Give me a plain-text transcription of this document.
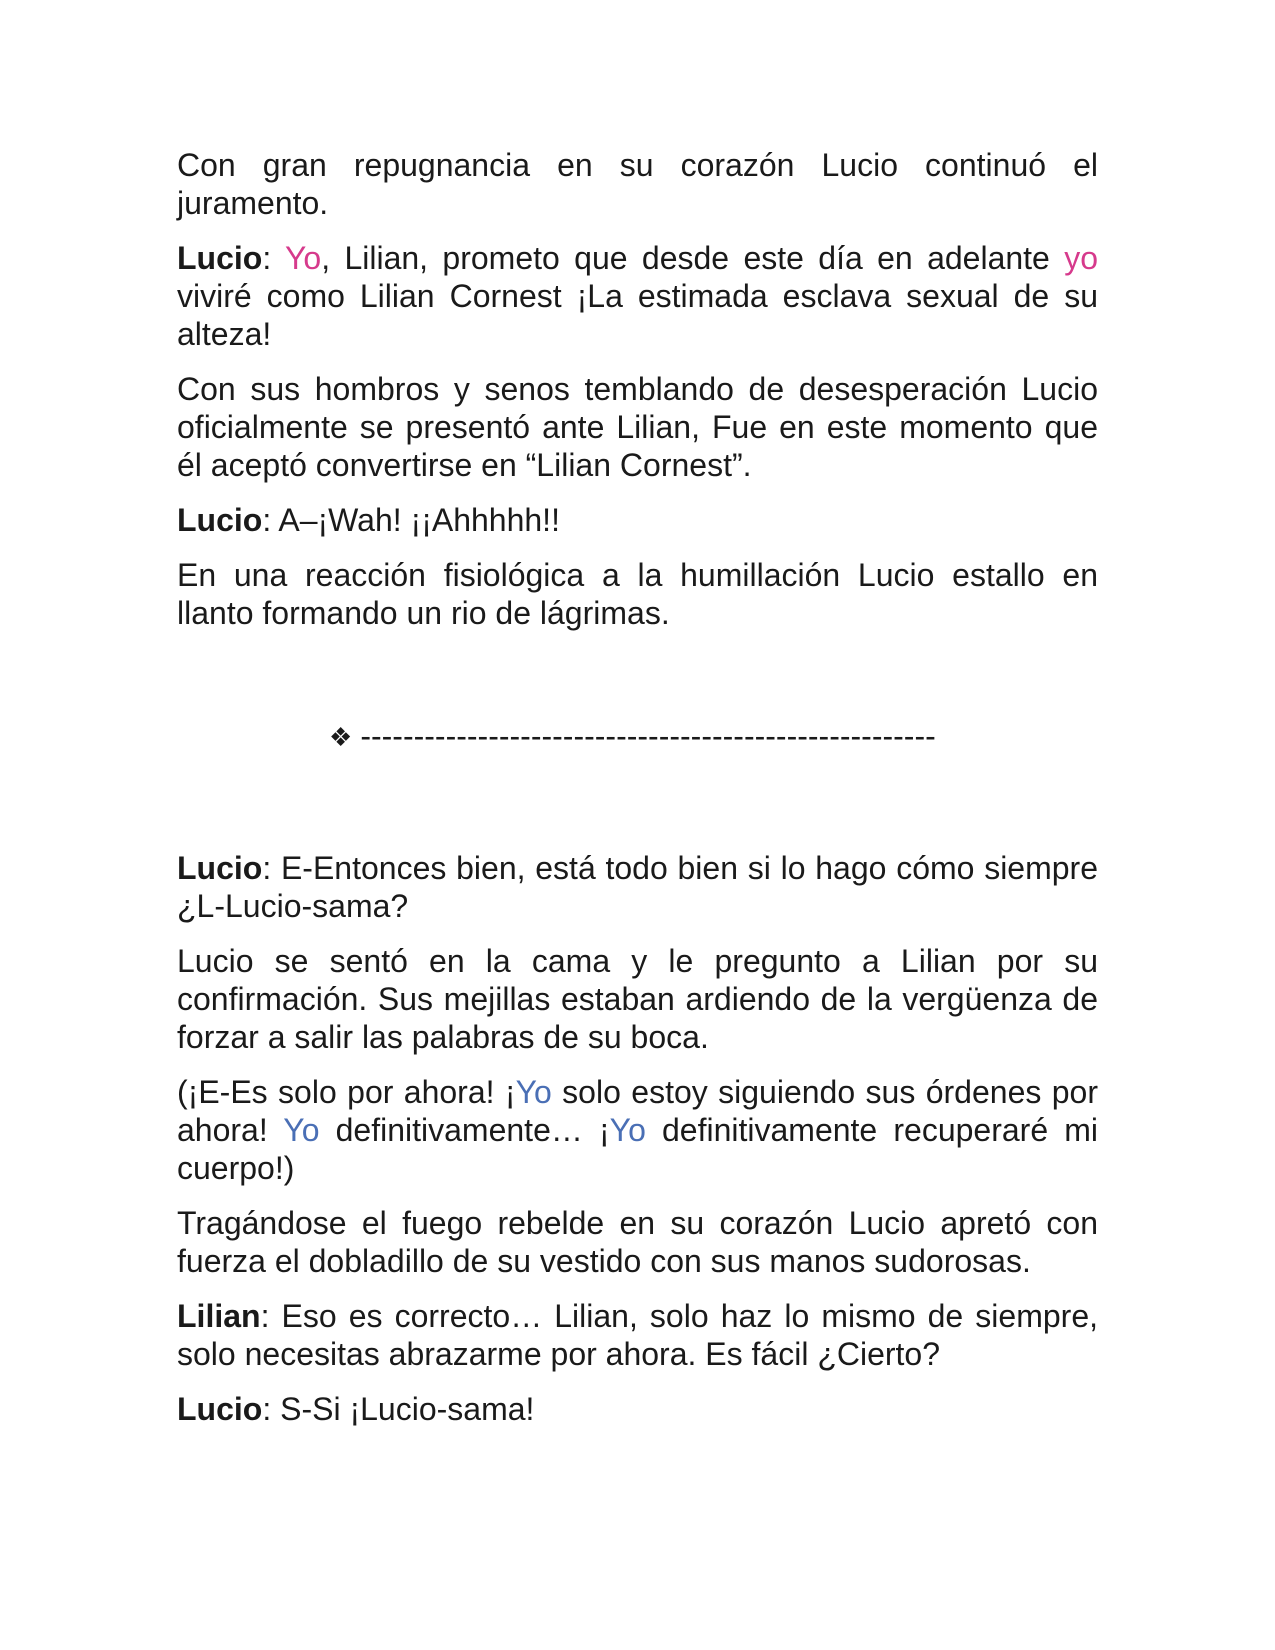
Con gran repugnancia en su corazón Lucio continuó el juramento.

Lucio: Yo, Lilian, prometo que desde este día en adelante yo viviré como Lilian Cornest ¡La estimada esclava sexual de su alteza!

Con sus hombros y senos temblando de desesperación Lucio oficialmente se presentó ante Lilian, Fue en este momento que él aceptó convertirse en “Lilian Cornest”.

Lucio: A–¡Wah! ¡¡Ahhhhh!!

En una reacción fisiológica a la humillación Lucio estallo en llanto formando un rio de lágrimas.

❖ ------------------------------------------------------

Lucio: E-Entonces bien, está todo bien si lo hago cómo siempre ¿L-Lucio-sama?

Lucio se sentó en la cama y le pregunto a Lilian por su confirmación. Sus mejillas estaban ardiendo de la vergüenza de forzar a salir las palabras de su boca.

(¡E-Es solo por ahora! ¡Yo solo estoy siguiendo sus órdenes por ahora! Yo definitivamente… ¡Yo definitivamente recuperaré mi cuerpo!)

Tragándose el fuego rebelde en su corazón Lucio apretó con fuerza el dobladillo de su vestido con sus manos sudorosas.

Lilian: Eso es correcto… Lilian, solo haz lo mismo de siempre, solo necesitas abrazarme por ahora. Es fácil ¿Cierto?

Lucio: S-Si ¡Lucio-sama!
